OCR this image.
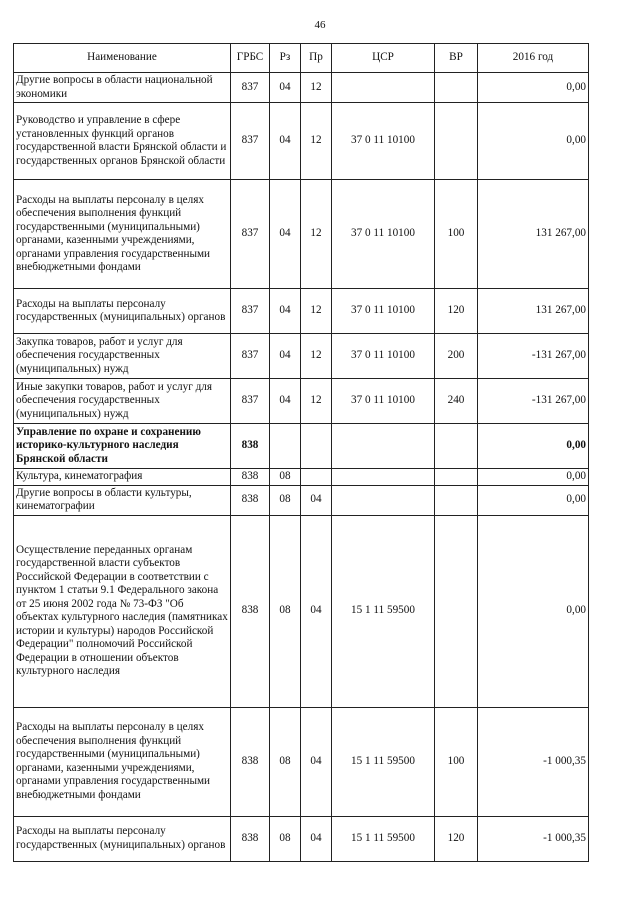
46
Наименование	ГРБС	Рз	Пр	ЦСР	ВР	2016 год
Другие вопросы в области национальной экономики	837	04	12			0,00
Руководство и управление в сфере установленных функций органов государственной власти Брянской области и государственных органов Брянской области	837	04	12	37 0 11 10100		0,00
Расходы на выплаты персоналу в целях обеспечения выполнения функций государственными (муниципальными) органами, казенными учреждениями, органами управления государственными внебюджетными фондами	837	04	12	37 0 11 10100	100	131 267,00
Расходы на выплаты персоналу государственных (муниципальных) органов	837	04	12	37 0 11 10100	120	131 267,00
Закупка товаров, работ и услуг для обеспечения государственных (муниципальных) нужд	837	04	12	37 0 11 10100	200	-131 267,00
Иные закупки товаров, работ и услуг для обеспечения государственных (муниципальных) нужд	837	04	12	37 0 11 10100	240	-131 267,00
Управление по охране и сохранению историко-культурного наследия Брянской области	838					0,00
Культура, кинематография	838	08				0,00
Другие вопросы в области культуры, кинематографии	838	08	04			0,00
Осуществление переданных органам государственной власти субъектов Российской Федерации в соответствии с пунктом 1 статьи 9.1 Федерального закона от 25 июня 2002 года № 73-ФЗ "Об объектах культурного наследия (памятниках истории и культуры) народов Российской Федерации" полномочий Российской Федерации в отношении объектов культурного наследия	838	08	04	15 1 11 59500		0,00
Расходы на выплаты персоналу в целях обеспечения выполнения функций государственными (муниципальными) органами, казенными учреждениями, органами управления государственными внебюджетными фондами	838	08	04	15 1 11 59500	100	-1 000,35
Расходы на выплаты персоналу государственных (муниципальных) органов	838	08	04	15 1 11 59500	120	-1 000,35
